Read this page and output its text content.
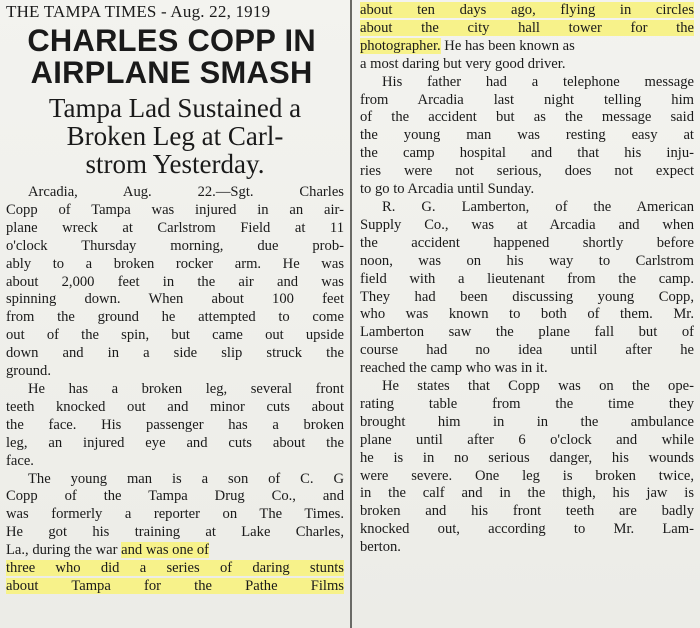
THE TAMPA TIMES - Aug. 22, 1919
CHARLES COPP IN
AIRPLANE SMASH
Tampa Lad Sustained a
Broken Leg at Carl-
strom Yesterday.
Arcadia, Aug. 22.—Sgt. Charles
Copp of Tampa was injured in an air-
plane wreck at Carlstrom Field at 11
o'clock Thursday morning, due prob-
ably to a broken rocker arm. He was
about 2,000 feet in the air and was
spinning down. When about 100 feet
from the ground he attempted to come
out of the spin, but came out upside
down and in a side slip struck the
ground.
He has a broken leg, several front
teeth knocked out and minor cuts about
the face. His passenger has a broken
leg, an injured eye and cuts about the
face.
The young man is a son of C. G
Copp of the Tampa Drug Co., and
was formerly a reporter on The Times.
He got his training at Lake Charles,
La., during the war and was one of
three who did a series of daring stunts
about Tampa for the Pathe Films
about ten days ago, flying in circles
about the city hall tower for the
photographer. He has been known as
a most daring but very good driver.
His father had a telephone message
from Arcadia last night telling him
of the accident but as the message said
the young man was resting easy at
the camp hospital and that his inju-
ries were not serious, does not expect
to go to Arcadia until Sunday.
R. G. Lamberton, of the American
Supply Co., was at Arcadia and when
the accident happened shortly before
noon, was on his way to Carlstrom
field with a lieutenant from the camp.
They had been discussing young Copp,
who was known to both of them. Mr.
Lamberton saw the plane fall but of
course had no idea until after he
reached the camp who was in it.
He states that Copp was on the ope-
rating table from the time they
brought him in in the ambulance
plane until after 6 o'clock and while
he is in no serious danger, his wounds
were severe. One leg is broken twice,
in the calf and in the thigh, his jaw is
broken and his front teeth are badly
knocked out, according to Mr. Lam-
berton.
